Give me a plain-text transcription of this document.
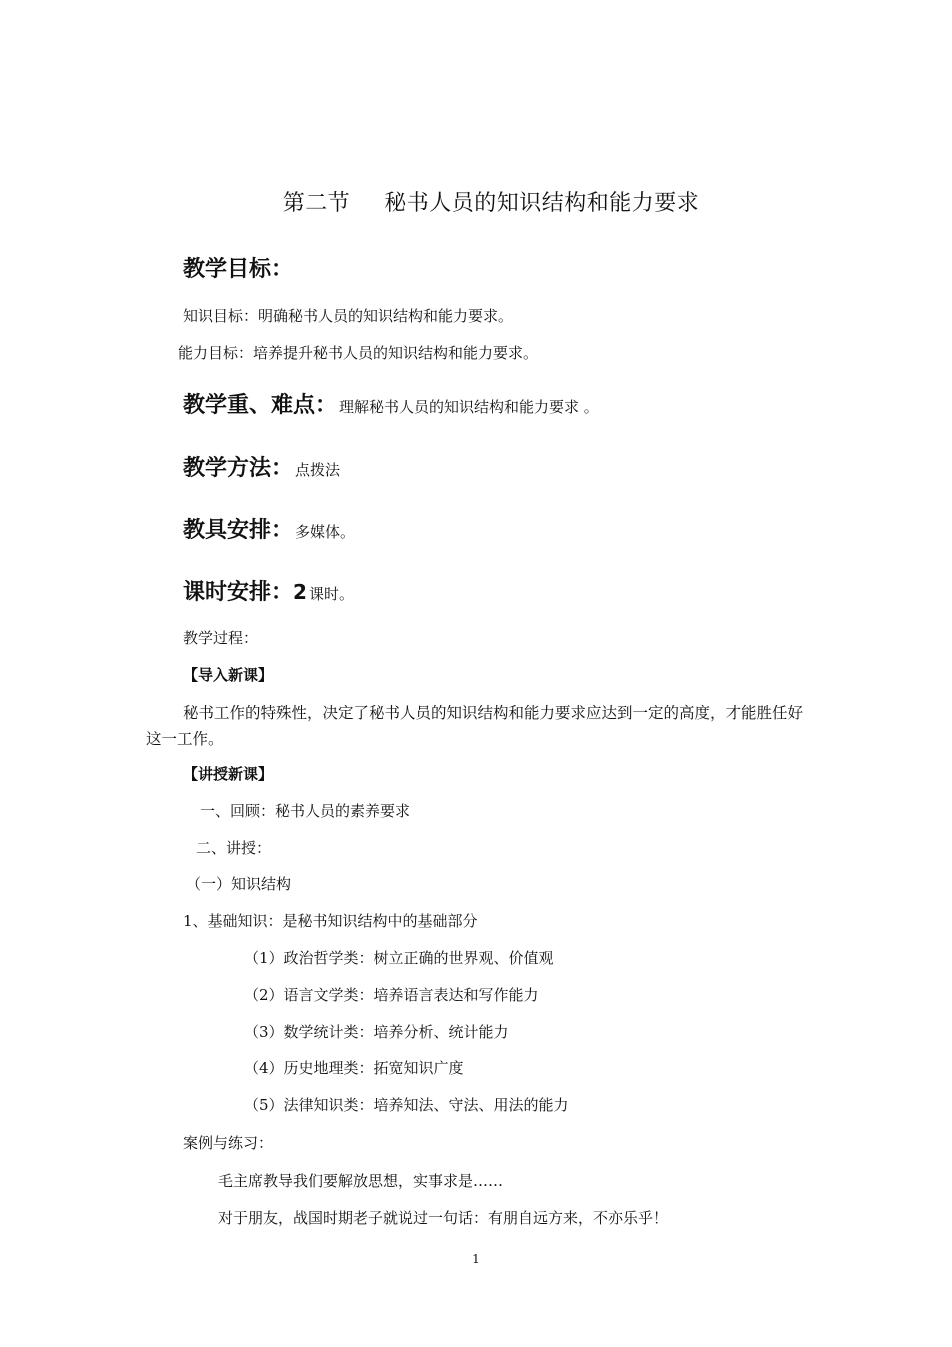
第二节 秘书人员的知识结构和能力要求
教学目标：
知识目标：明确秘书人员的知识结构和能力要求。
能力目标：培养提升秘书人员的知识结构和能力要求。
教学重、难点： 理解秘书人员的知识结构和能力要求 。
教学方法： 点拨法
教具安排： 多媒体。
课时安排：2 课时。
教学过程：
【导入新课】
秘书工作的特殊性，决定了秘书人员的知识结构和能力要求应达到一定的高度，才能胜任好这一工作。
【讲授新课】
一、回顾：秘书人员的素养要求
二、讲授：
（一）知识结构
1、基础知识：是秘书知识结构中的基础部分
（1）政治哲学类：树立正确的世界观、价值观
（2）语言文学类：培养语言表达和写作能力
（3）数学统计类：培养分析、统计能力
（4）历史地理类：拓宽知识广度
（5）法律知识类：培养知法、守法、用法的能力
案例与练习：
毛主席教导我们要解放思想，实事求是……
对于朋友，战国时期老子就说过一句话：有朋自远方来，不亦乐乎！
1
